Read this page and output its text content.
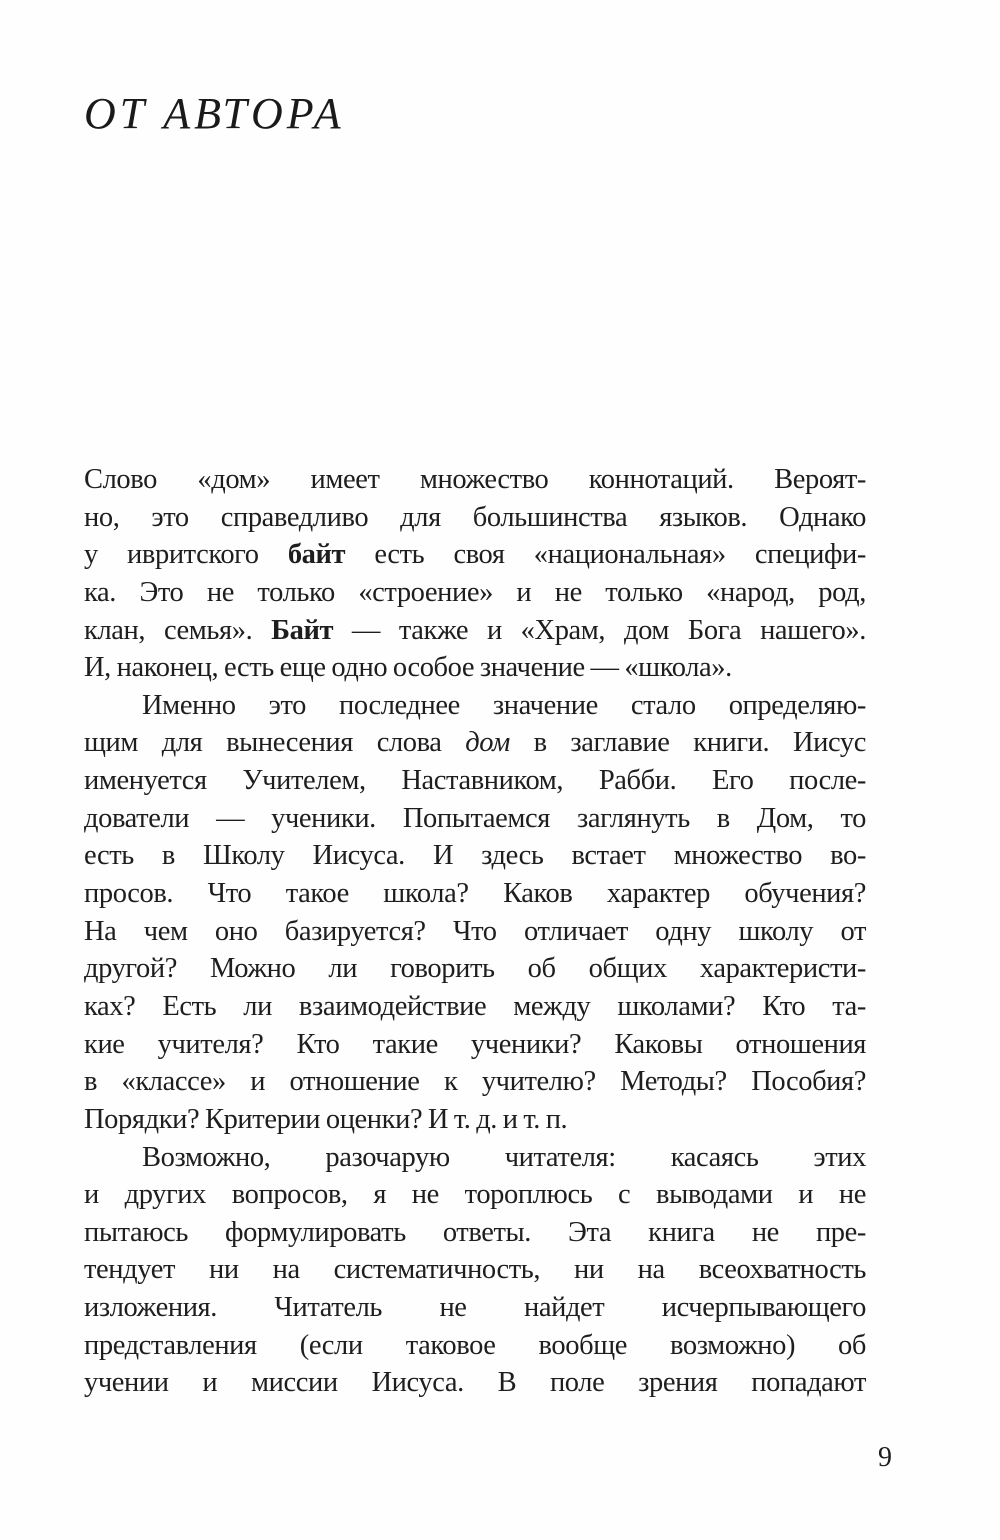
ОТ АВТОРА
Слово «дом» имеет множество коннотаций. Вероят-
но, это справедливо для большинства языков. Однако
у ивритского байт есть своя «национальная» специфи-
ка. Это не только «строение» и не только «народ, род,
клан, семья». Байт — также и «Храм, дом Бога нашего».
И, наконец, есть еще одно особое значение — «школа».
Именно это последнее значение стало определяю-
щим для вынесения слова дом в заглавие книги. Иисус
именуется Учителем, Наставником, Рабби. Его после-
дователи — ученики. Попытаемся заглянуть в Дом, то
есть в Школу Иисуса. И здесь встает множество во-
просов. Что такое школа? Каков характер обучения?
На чем оно базируется? Что отличает одну школу от
другой? Можно ли говорить об общих характеристи-
ках? Есть ли взаимодействие между школами? Кто та-
кие учителя? Кто такие ученики? Каковы отношения
в «классе» и отношение к учителю? Методы? Пособия?
Порядки? Критерии оценки? И т. д. и т. п.
Возможно, разочарую читателя: касаясь этих
и других вопросов, я не тороплюсь с выводами и не
пытаюсь формулировать ответы. Эта книга не пре-
тендует ни на систематичность, ни на всеохватность
изложения. Читатель не найдет исчерпывающего
представления (если таковое вообще возможно) об
учении и миссии Иисуса. В поле зрения попадают
9
